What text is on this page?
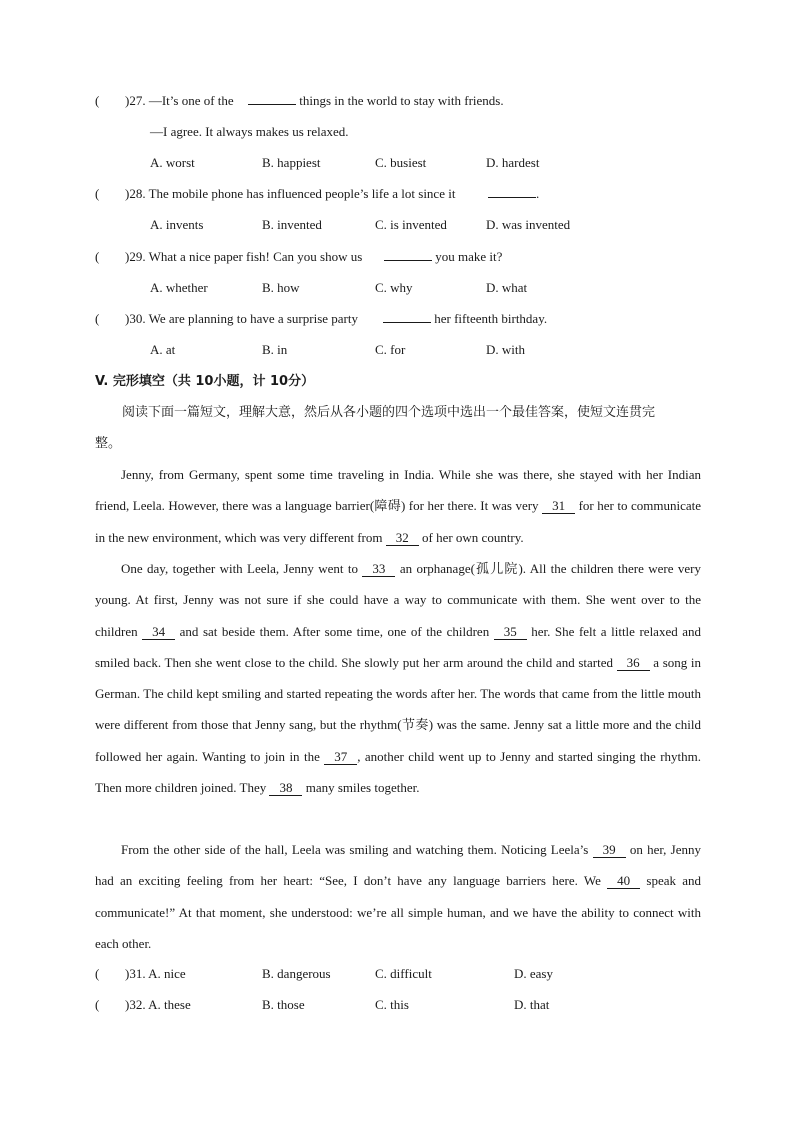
( )27. —It’s one of the	things in the world to stay with friends.
—I agree. It always makes us relaxed.
A. worst	B. happiest	C. busiest	D. hardest
( )28. The mobile phone has influenced people’s life a lot since it	.
A. invents	B. invented	C. is invented	D. was invented
( )29. What a nice paper fish! Can you show us	you make it?
A. whether	B. how	C. why	D. what
( )30. We are planning to have a surprise party	her fifteenth birthday.
A. at	B. in	C. for	D. with
V. 完形填空（共 10小题，计 10分）
阅读下面一篇短文，理解大意，然后从各小题的四个选项中选出一个最佳答案，使短文连贯完
整。
Jenny, from Germany, spent some time traveling in India. While she was there, she stayed with her Indian friend, Leela. However, there was a language barrier(障碍) for her there. It was very 31 for her to communicate in the new environment, which was very different from 32 of her own country.
One day, together with Leela, Jenny went to 33 an orphanage(孤儿院). All the children there were very young. At first, Jenny was not sure if she could have a way to communicate with them. She went over to the children 34 and sat beside them. After some time, one of the children 35 her. She felt a little relaxed and smiled back. Then she went close to the child. She slowly put her arm around the child and started 36 a song in German. The child kept smiling and started repeating the words after her. The words that came from the little mouth were different from those that Jenny sang, but the rhythm(节奏) was the same. Jenny sat a little more and the child followed her again. Wanting to join in the 37 , another child went up to Jenny and started singing the rhythm. Then more children joined. They 38 many smiles together.
From the other side of the hall, Leela was smiling and watching them. Noticing Leela’s 39 on her, Jenny had an exciting feeling from her heart: “See, I don’t have any language barriers here. We 40 speak and communicate!” At that moment, she understood: we’re all simple human, and we have the ability to connect with each other.
( )31. A. nice	B. dangerous	C. difficult	D. easy
( )32. A. these	B. those	C. this	D. that
